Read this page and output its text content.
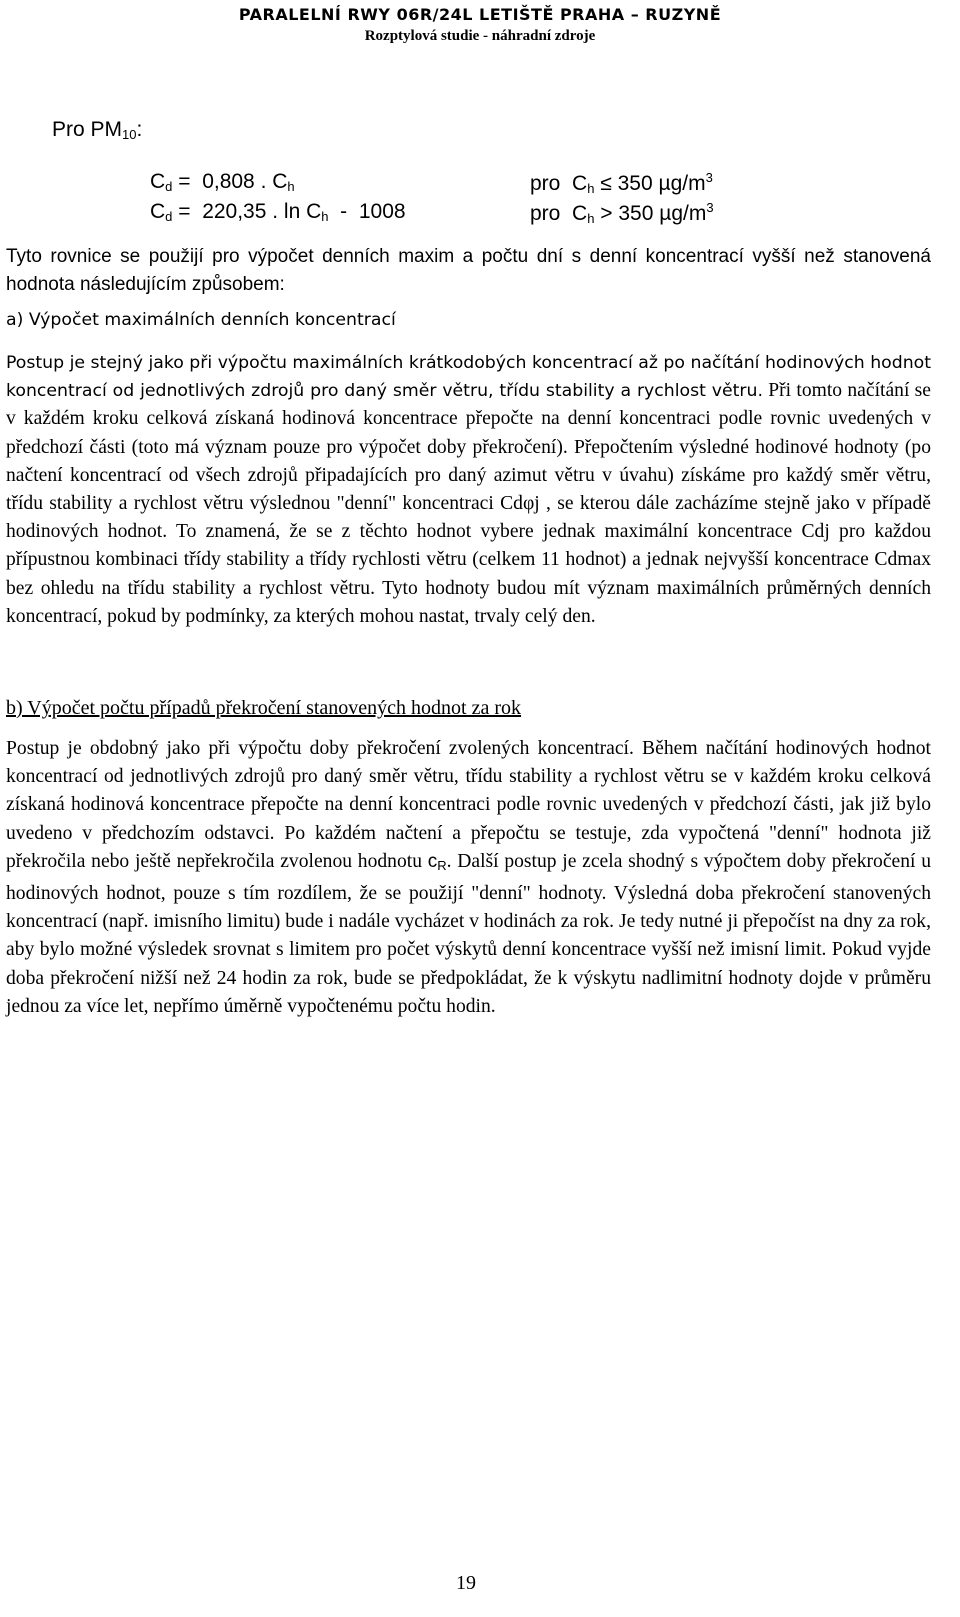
PARALELNÍ RWY 06R/24L LETIŠTĚ PRAHA – RUZYNĚ
Rozptylová studie - náhradní zdroje
Pro $PM_{10}$:
$C_d = 0,808$ . $C_h$	pro  $C_h \le 350$ $\mu g/m^3$
$C_d = 220,35$ . $\ln C_h - 1008$	pro  $C_h > 350$ $\mu g/m^3$
Tyto rovnice se použijí pro výpočet denních maxim a počtu dní s denní koncentrací vyšší než stanovená hodnota následujícím způsobem:
a) Výpočet maximálních denních koncentrací
Postup je stejný jako při výpočtu maximálních krátkodobých koncentrací až po načítání hodinových hodnot koncentrací od jednotlivých zdrojů pro daný směr větru, třídu stability a rychlost větru. Při tomto načítání se v každém kroku celková získaná hodinová koncentrace přepočte na denní koncentraci podle rovnic uvedených v předchozí části (toto má význam pouze pro výpočet doby překročení). Přepočtením výsledné hodinové hodnoty (po načtení koncentrací od všech zdrojů připadajících pro daný azimut větru v úvahu) získáme pro každý směr větru, třídu stability a rychlost větru výslednou "denní" koncentraci Cdφj , se kterou dále zacházíme stejně jako v případě hodinových hodnot. To znamená, že se z těchto hodnot vybere jednak maximální koncentrace Cdj pro každou přípustnou kombinaci třídy stability a třídy rychlosti větru (celkem 11 hodnot) a jednak nejvyšší koncentrace Cdmax bez ohledu na třídu stability a rychlost větru. Tyto hodnoty budou mít význam maximálních průměrných denních koncentrací, pokud by podmínky, za kterých mohou nastat, trvaly celý den.
b) Výpočet počtu případů překročení stanovených hodnot za rok
Postup je obdobný jako při výpočtu doby překročení zvolených koncentrací. Během načítání hodinových hodnot koncentrací od jednotlivých zdrojů pro daný směr větru, třídu stability a rychlost větru se v každém kroku celková získaná hodinová koncentrace přepočte na denní koncentraci podle rovnic uvedených v předchozí části, jak již bylo uvedeno v předchozím odstavci. Po každém načtení a přepočtu se testuje, zda vypočtená "denní" hodnota již překročila nebo ještě nepřekročila zvolenou hodnotu $c_R$. Další postup je zcela shodný s výpočtem doby překročení u hodinových hodnot, pouze s tím rozdílem, že se použijí "denní" hodnoty. Výsledná doba překročení stanovených koncentrací (např. imisního limitu) bude i nadále vycházet v hodinách za rok. Je tedy nutné ji přepočíst na dny za rok, aby bylo možné výsledek srovnat s limitem pro počet výskytů denní koncentrace vyšší než imisní limit. Pokud vyjde doba překročení nižší než 24 hodin za rok, bude se předpokládat, že k výskytu nadlimitní hodnoty dojde v průměru jednou za více let, nepřímo úměrně vypočtenému počtu hodin.
19
